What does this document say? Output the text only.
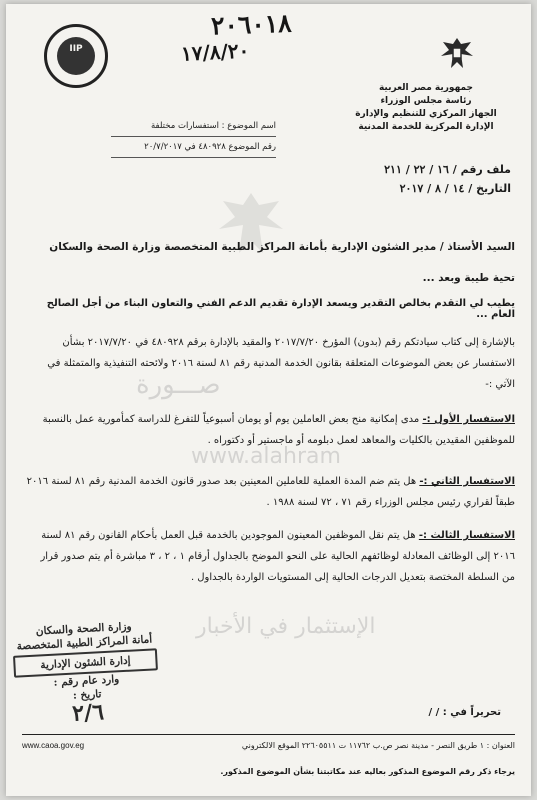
٢٠٦٠١٨
١٧/٨/٢٠
IIP
جمهورية مصر العربية
رئاسة مجلس الوزراء
الجهاز المركزي للتنظيم والإدارة
الإدارة المركزية للخدمة المدنية
اسم الموضوع : استفسارات مختلفة
رقم الموضوع ٤٨٠٩٢٨ في ٢٠/٧/٢٠١٧
ملف رقم / ١٦ / ٢٢ / ٢١١
التاريخ / ١٤ / ٨ / ٢٠١٧
السيد الأستاذ / مدير الشئون الإدارية بأمانة المراكز الطبية المتخصصة وزارة الصحة والسكان
تحية طيبة وبعد ...
يطيب لي التقدم بخالص التقدير ويسعد الإدارة تقديم الدعم الفني والتعاون البناء من أجل الصالح العام ...
بالإشارة إلى كتاب سيادتكم رقم (بدون) المؤرخ ٢٠١٧/٧/٢٠ والمقيد بالإدارة برقم ٤٨٠٩٢٨ في ٢٠١٧/٧/٢٠ بشأن الاستفسار عن بعض الموضوعات المتعلقة بقانون الخدمة المدنية رقم ٨١ لسنة ٢٠١٦ ولائحته التنفيذية والمتمثلة في الآتي :-
صـــورة
www.alahram
الإستثمار في الأخبار
الاستفسار الأول :- مدى إمكانية منح بعض العاملين يوم أو يومان أسبوعياً للتفرغ للدراسة كمأمورية عمل بالنسبة للموظفين المقيدين بالكليات والمعاهد لعمل دبلومه أو ماجستير أو دكتوراه .
الاستفسار الثاني :- هل يتم ضم المدة العملية للعاملين المعينين بعد صدور قانون الخدمة المدنية رقم ٨١ لسنة ٢٠١٦ طبقاً لقراري رئيس مجلس الوزراء رقم ٧١ ، ٧٢ لسنة ١٩٨٨ .
الاستفسار الثالث :- هل يتم نقل الموظفين المعينون الموجودين بالخدمة قبل العمل بأحكام القانون رقم ٨١ لسنة ٢٠١٦ إلى الوظائف المعادلة لوظائفهم الحالية على النحو الموضح بالجداول أرقام ١ ، ٢ ، ٣ مباشرة أم يتم صدور قرار من السلطة المختصة بتعديل الدرجات الحالية إلى المستويات الواردة بالجداول .
وزارة الصحة والسكان
أمانة المراكز الطبية المتخصصة
إدارة الشئون الإدارية
وارد عام رقم :
تاريخ :
٢/٦	تحريراً في : / /
www.caoa.gov.eg	العنوان : ١ طريق النصر - مدينة نصر ص.ب ١١٧٦٢ ت ٢٢٦٠٥٥١١ الموقع الالكتروني
يرجاء ذكر رقم الموضوع المذكور بعاليه عند مكاتبتنا بشأن الموضوع المذكور.
